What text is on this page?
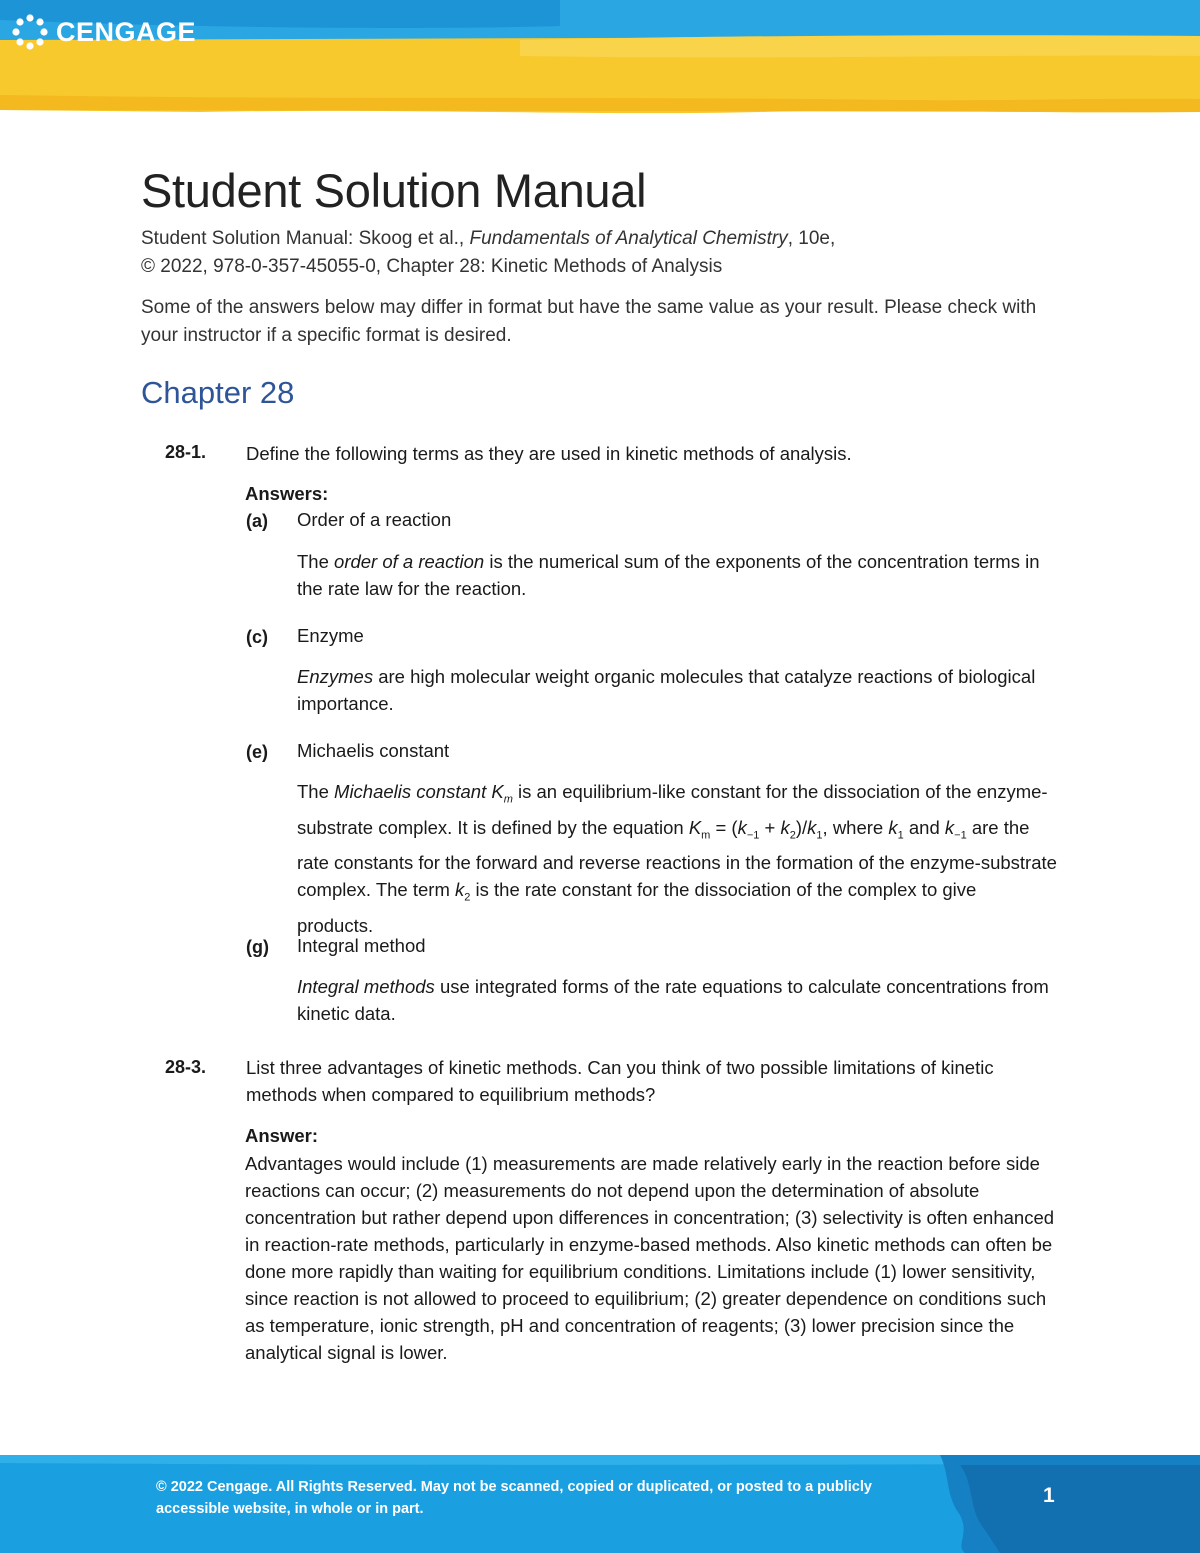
CENGAGE
Student Solution Manual
Student Solution Manual: Skoog et al., Fundamentals of Analytical Chemistry, 10e,
© 2022, 978-0-357-45055-0, Chapter 28: Kinetic Methods of Analysis
Some of the answers below may differ in format but have the same value as your result. Please check with your instructor if a specific format is desired.
Chapter 28
28-1. Define the following terms as they are used in kinetic methods of analysis.
Answers:
(a) Order of a reaction
The order of a reaction is the numerical sum of the exponents of the concentration terms in the rate law for the reaction.
(c) Enzyme
Enzymes are high molecular weight organic molecules that catalyze reactions of biological importance.
(e) Michaelis constant
The Michaelis constant $K_m$ is an equilibrium-like constant for the dissociation of the enzyme-substrate complex. It is defined by the equation $K_m = (k_{-1} + k_2)/k_1$, where $k_1$ and $k_{-1}$ are the rate constants for the forward and reverse reactions in the formation of the enzyme-substrate complex. The term $k_2$ is the rate constant for the dissociation of the complex to give products.
(g) Integral method
Integral methods use integrated forms of the rate equations to calculate concentrations from kinetic data.
28-3. List three advantages of kinetic methods. Can you think of two possible limitations of kinetic methods when compared to equilibrium methods?
Answer:
Advantages would include (1) measurements are made relatively early in the reaction before side reactions can occur; (2) measurements do not depend upon the determination of absolute concentration but rather depend upon differences in concentration; (3) selectivity is often enhanced in reaction-rate methods, particularly in enzyme-based methods. Also kinetic methods can often be done more rapidly than waiting for equilibrium conditions. Limitations include (1) lower sensitivity, since reaction is not allowed to proceed to equilibrium; (2) greater dependence on conditions such as temperature, ionic strength, pH and concentration of reagents; (3) lower precision since the analytical signal is lower.
© 2022 Cengage. All Rights Reserved. May not be scanned, copied or duplicated, or posted to a publicly accessible website, in whole or in part.
1
